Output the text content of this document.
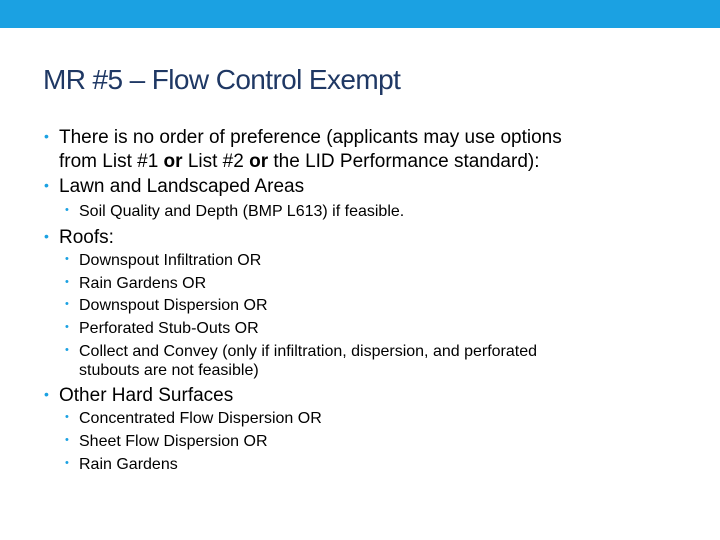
MR #5 – Flow Control Exempt
• There is no order of preference (applicants may use options
from List #1 or List #2 or the LID Performance standard):
• Lawn and Landscaped Areas
• Soil Quality and Depth (BMP L613) if feasible.
• Roofs:
• Downspout Infiltration OR
• Rain Gardens OR
• Downspout Dispersion OR
• Perforated Stub-Outs OR
• Collect and Convey (only if infiltration, dispersion, and perforated
stubouts are not feasible)
• Other Hard Surfaces
• Concentrated Flow Dispersion OR
• Sheet Flow Dispersion OR
• Rain Gardens
